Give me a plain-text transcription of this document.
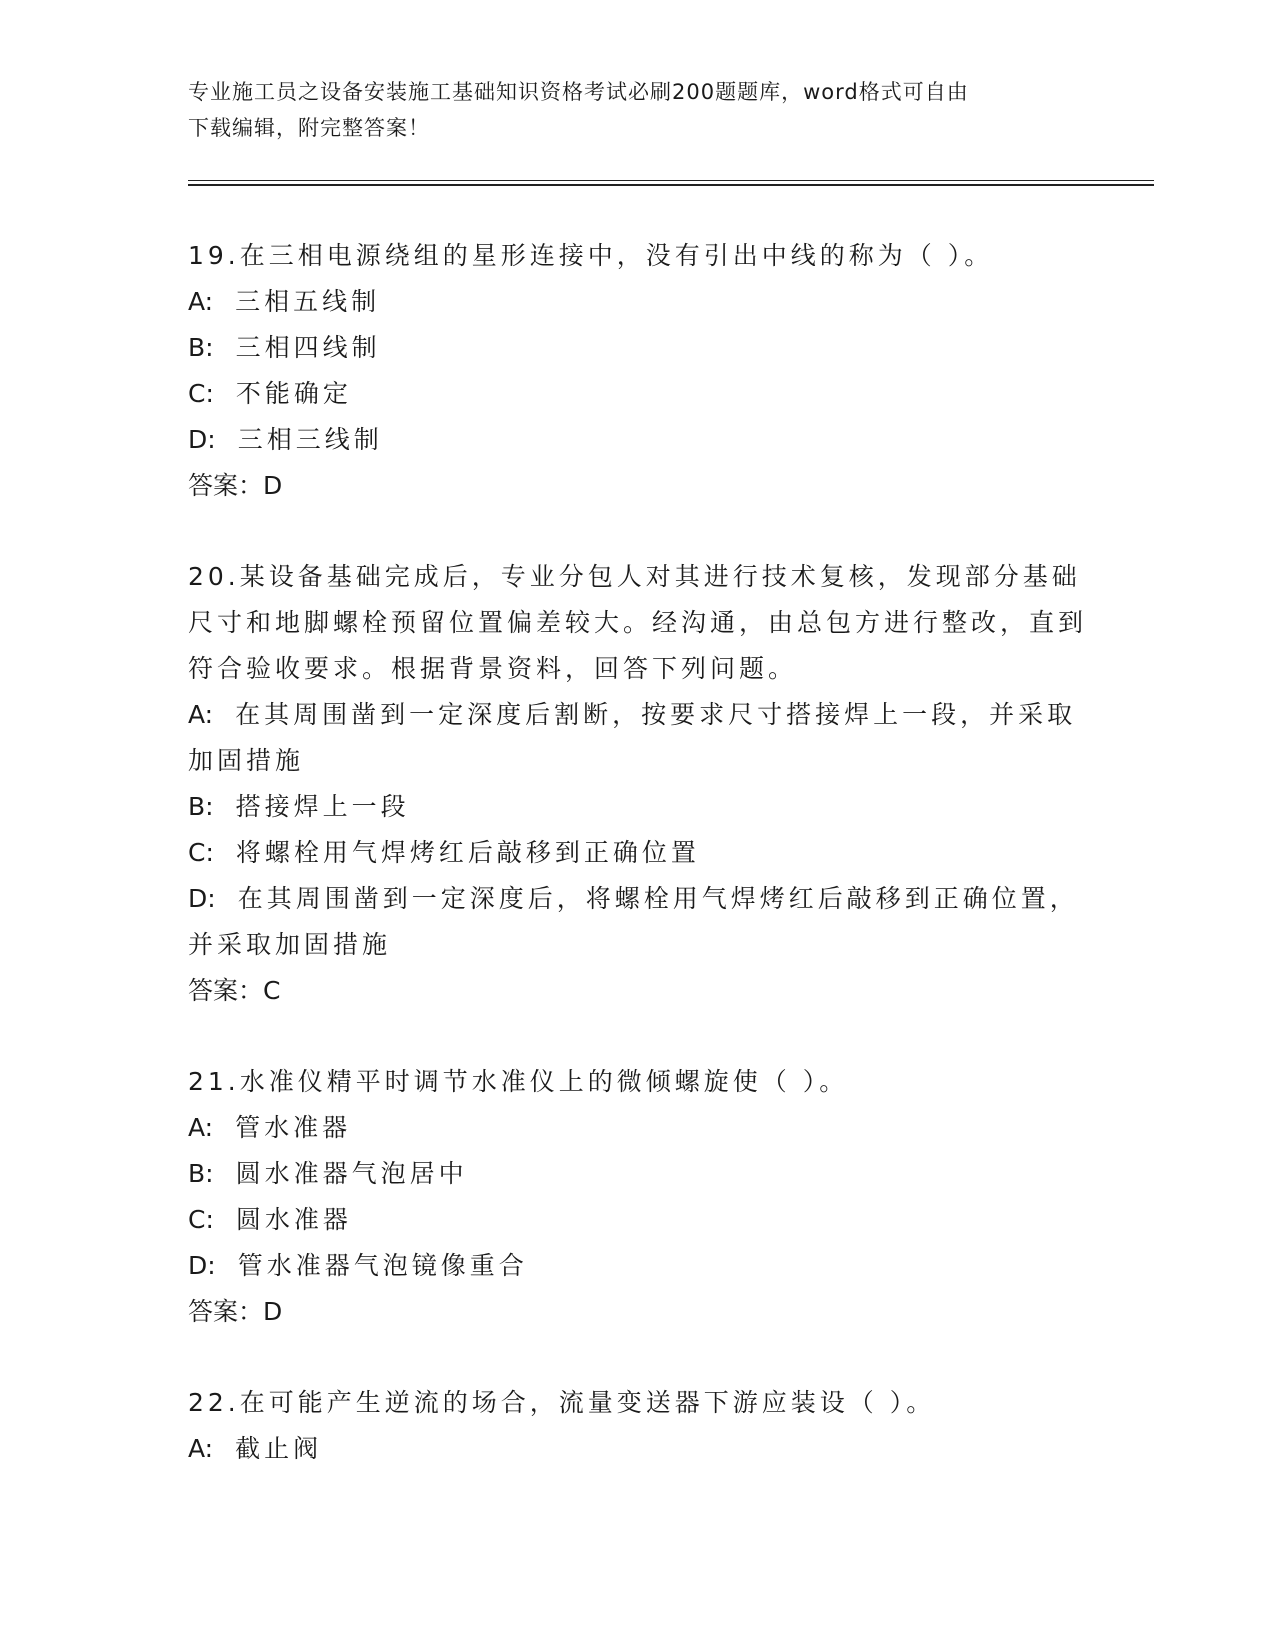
专业施工员之设备安装施工基础知识资格考试必刷200题题库，word格式可自由
下载编辑，附完整答案！

19.在三相电源绕组的星形连接中，没有引出中线的称为（ ）。

A: 三相五线制

B: 三相四线制

C: 不能确定

D: 三相三线制

答案：D

20.某设备基础完成后，专业分包人对其进行技术复核，发现部分基础尺寸和地脚螺栓预留位置偏差较大。经沟通，由总包方进行整改，直到符合验收要求。根据背景资料，回答下列问题。

A: 在其周围凿到一定深度后割断，按要求尺寸搭接焊上一段，并采取加固措施

B: 搭接焊上一段

C: 将螺栓用气焊烤红后敲移到正确位置

D: 在其周围凿到一定深度后，将螺栓用气焊烤红后敲移到正确位置，并采取加固措施

答案：C

21.水准仪精平时调节水准仪上的微倾螺旋使（ ）。

A: 管水准器

B: 圆水准器气泡居中

C: 圆水准器

D: 管水准器气泡镜像重合

答案：D

22.在可能产生逆流的场合，流量变送器下游应装设（ ）。

A: 截止阀
